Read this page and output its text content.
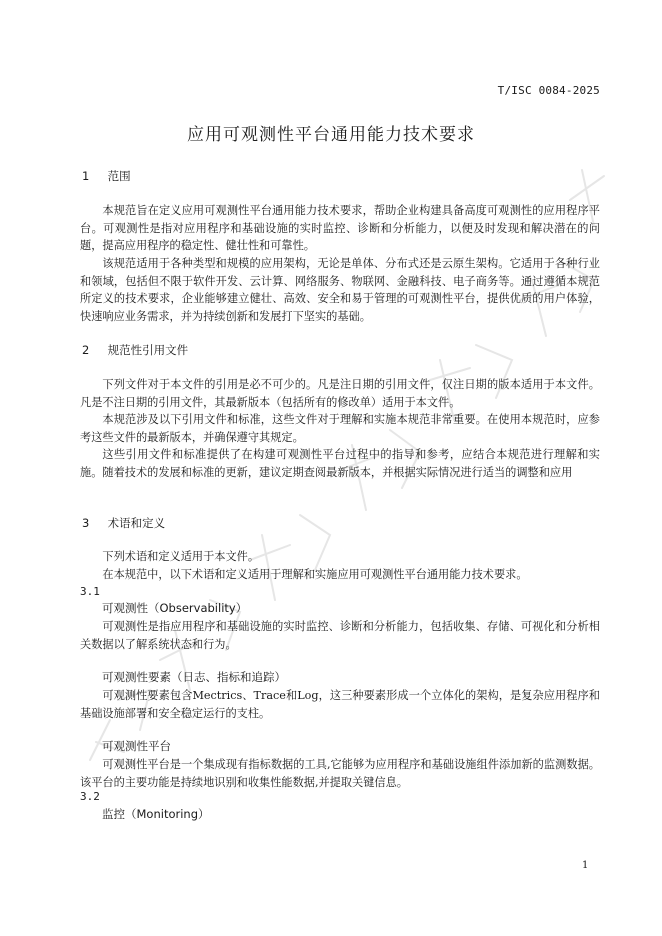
T/ISC 0084-2025
应用可观测性平台通用能力技术要求
1 范围
本规范旨在定义应用可观测性平台通用能力技术要求，帮助企业构建具备高度可观测性的应用程序平台。可观测性是指对应用程序和基础设施的实时监控、诊断和分析能力，以便及时发现和解决潜在的问题，提高应用程序的稳定性、健壮性和可靠性。
该规范适用于各种类型和规模的应用架构，无论是单体、分布式还是云原生架构。它适用于各种行业和领域，包括但不限于软件开发、云计算、网络服务、物联网、金融科技、电子商务等。通过遵循本规范所定义的技术要求，企业能够建立健壮、高效、安全和易于管理的可观测性平台，提供优质的用户体验，快速响应业务需求，并为持续创新和发展打下坚实的基础。
2 规范性引用文件
下列文件对于本文件的引用是必不可少的。凡是注日期的引用文件，仅注日期的版本适用于本文件。凡是不注日期的引用文件，其最新版本（包括所有的修改单）适用于本文件。
本规范涉及以下引用文件和标准，这些文件对于理解和实施本规范非常重要。在使用本规范时，应参考这些文件的最新版本，并确保遵守其规定。
这些引用文件和标准提供了在构建可观测性平台过程中的指导和参考，应结合本规范进行理解和实施。随着技术的发展和标准的更新，建议定期查阅最新版本，并根据实际情况进行适当的调整和应用
3 术语和定义
下列术语和定义适用于本文件。
在本规范中，以下术语和定义适用于理解和实施应用可观测性平台通用能力技术要求。
3.1
可观测性（Observability）
可观测性是指应用程序和基础设施的实时监控、诊断和分析能力，包括收集、存储、可视化和分析相关数据以了解系统状态和行为。
可观测性要素（日志、指标和追踪）
可观测性要素包含Mectrics、Trace和Log，这三种要素形成一个立体化的架构，是复杂应用程序和基础设施部署和安全稳定运行的支柱。
可观测性平台
可观测性平台是一个集成现有指标数据的工具,它能够为应用程序和基础设施组件添加新的监测数据。该平台的主要功能是持续地识别和收集性能数据,并提取关键信息。
3.2
监控（Monitoring）
1
